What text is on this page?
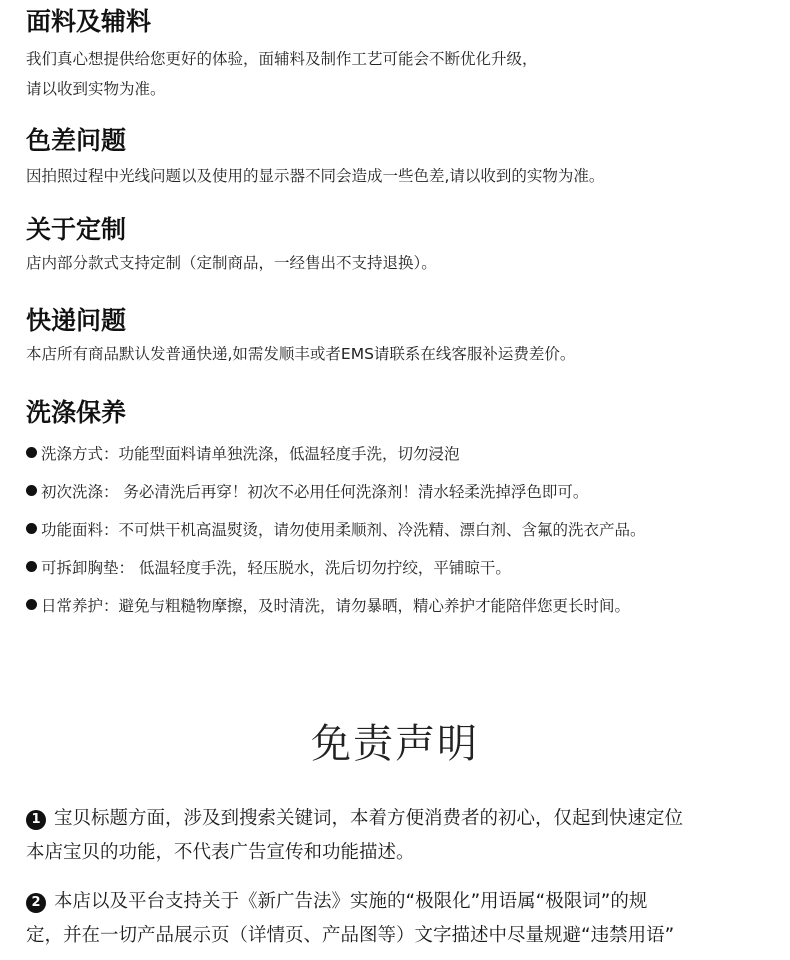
面料及辅料

我们真心想提供给您更好的体验，面辅料及制作工艺可能会不断优化升级，

请以收到实物为准。

色差问题

因拍照过程中光线问题以及使用的显示器不同会造成一些色差,请以收到的实物为准。

关于定制

店内部分款式支持定制（定制商品，一经售出不支持退换）。

快递问题

本店所有商品默认发普通快递,如需发顺丰或者EMS请联系在线客服补运费差价。

洗涤保养
洗涤方式：功能型面料请单独洗涤，低温轻度手洗，切勿浸泡
初次洗涤： 务必清洗后再穿！初次不必用任何洗涤剂！清水轻柔洗掉浮色即可。
功能面料：不可烘干机高温熨烫，请勿使用柔顺剂、冷洗精、漂白剂、含氟的洗衣产品。
可拆卸胸垫： 低温轻度手洗，轻压脱水，洗后切勿拧绞，平铺晾干。
日常养护：避免与粗糙物摩擦，及时清洗，请勿暴晒，精心养护才能陪伴您更长时间。
免责声明
1 宝贝标题方面，涉及到搜索关键词，本着方便消费者的初心，仅起到快速定位
本店宝贝的功能，不代表广告宣传和功能描述。
2 本店以及平台支持关于《新广告法》实施的“极限化”用语属“极限词”的规
定，并在一切产品展示页（详情页、产品图等）文字描述中尽量规避“违禁用语”
